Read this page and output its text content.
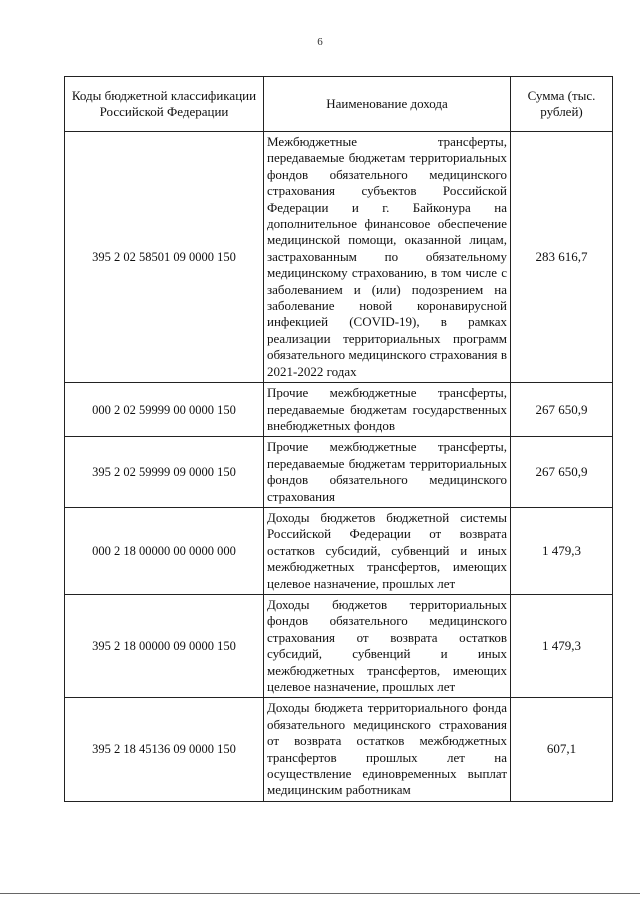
6
Коды бюджетной классификации Российской Федерации	Наименование дохода	Сумма (тыс. рублей)
395 2 02 58501 09 0000 150	Межбюджетные трансферты, передаваемые бюджетам территориальных фондов обязательного медицинского страхования субъектов Российской Федерации и г. Байконура на дополнительное финансовое обеспечение медицинской помощи, оказанной лицам, застрахованным по обязательному медицинскому страхованию, в том числе с заболеванием и (или) подозрением на заболевание новой коронавирусной инфекцией (COVID-19), в рамках реализации территориальных программ обязательного медицинского страхования в 2021-2022 годах	283 616,7
000 2 02 59999 00 0000 150	Прочие межбюджетные трансферты, передаваемые бюджетам государственных внебюджетных фондов	267 650,9
395 2 02 59999 09 0000 150	Прочие межбюджетные трансферты, передаваемые бюджетам территориальных фондов обязательного медицинского страхования	267 650,9
000 2 18 00000 00 0000 000	Доходы бюджетов бюджетной системы Российской Федерации от возврата остатков субсидий, субвенций и иных межбюджетных трансфертов, имеющих целевое назначение, прошлых лет	1 479,3
395 2 18 00000 09 0000 150	Доходы бюджетов территориальных фондов обязательного медицинского страхования от возврата остатков субсидий, субвенций и иных межбюджетных трансфертов, имеющих целевое назначение, прошлых лет	1 479,3
395 2 18 45136 09 0000 150	Доходы бюджета территориального фонда обязательного медицинского страхования от возврата остатков межбюджетных трансфертов прошлых лет на осуществление единовременных выплат медицинским работникам	607,1
